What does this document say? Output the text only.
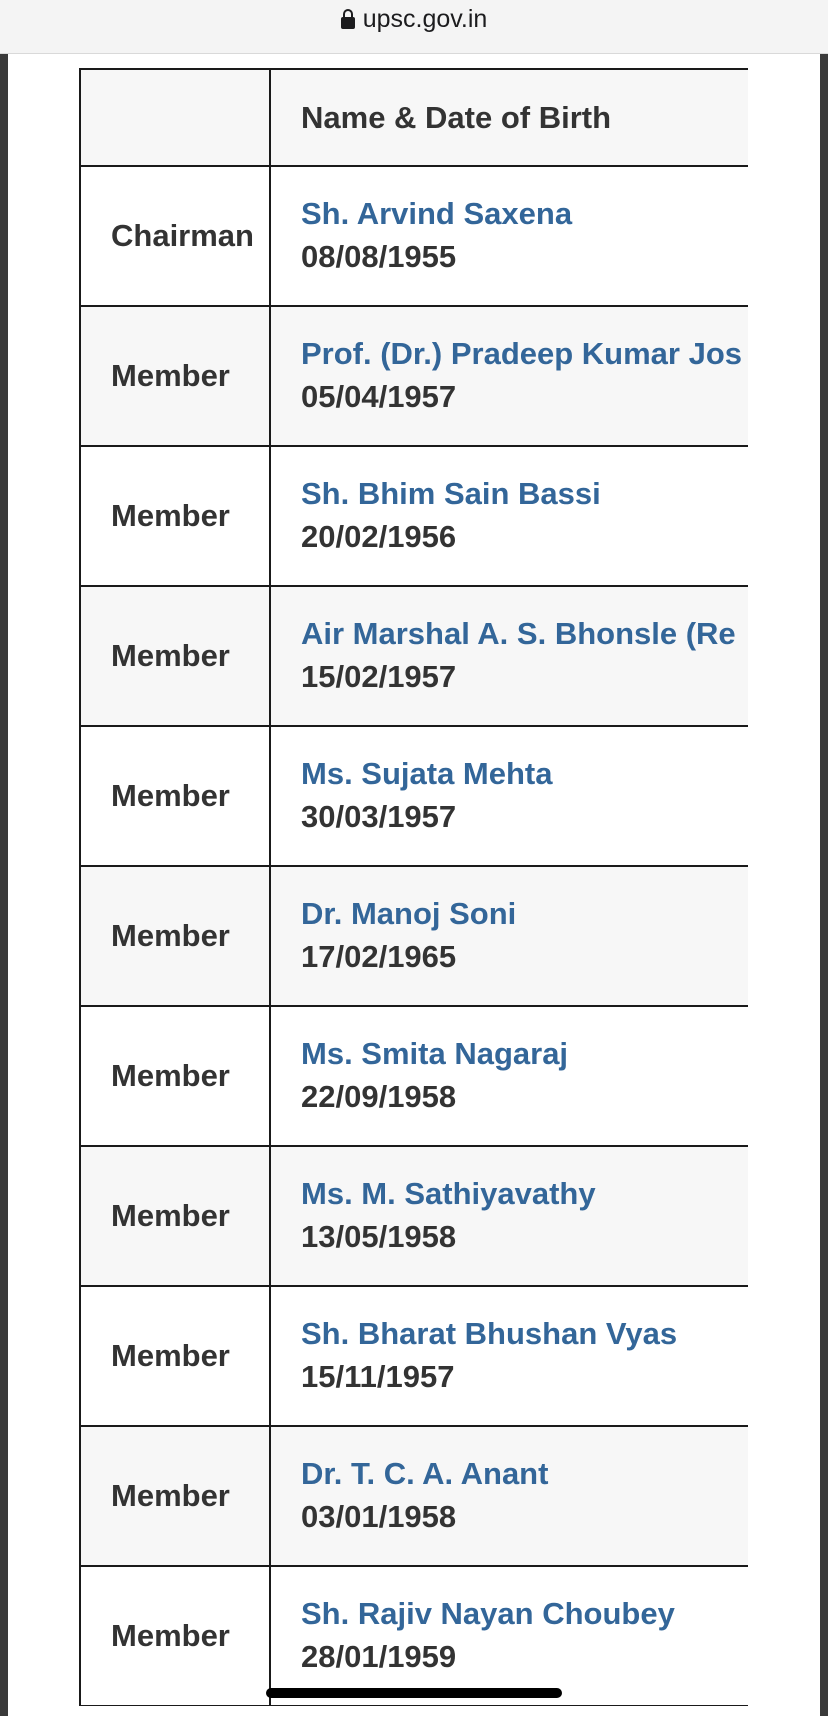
upsc.gov.in
	Name & Date of Birth
Chairman	Sh. Arvind Saxena
08/08/1955

Member	Prof. (Dr.) Pradeep Kumar Jos
05/04/1957

Member	Sh. Bhim Sain Bassi
20/02/1956

Member	Air Marshal A. S. Bhonsle (Re
15/02/1957

Member	Ms. Sujata Mehta
30/03/1957

Member	Dr. Manoj Soni
17/02/1965

Member	Ms. Smita Nagaraj
22/09/1958

Member	Ms. M. Sathiyavathy
13/05/1958

Member	Sh. Bharat Bhushan Vyas
15/11/1957

Member	Dr. T. C. A. Anant
03/01/1958

Member	Sh. Rajiv Nayan Choubey
28/01/1959
